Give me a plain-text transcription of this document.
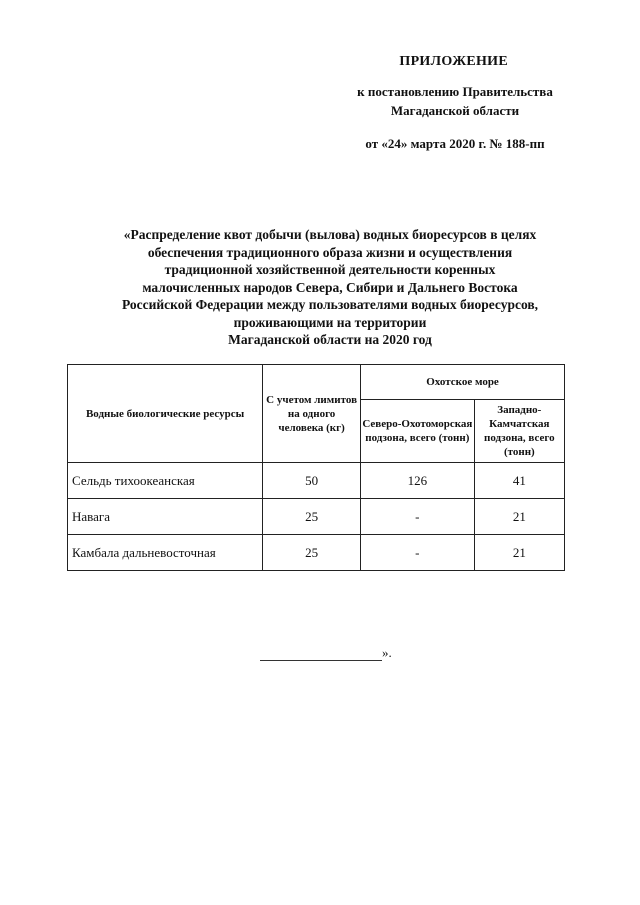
ПРИЛОЖЕНИЕ
к постановлению Правительства
Магаданской области
от «24» марта 2020 г. № 188-пп
«Распределение квот добычи (вылова) водных биоресурсов в целях
обеспечения традиционного образа жизни и осуществления
традиционной хозяйственной деятельности коренных
малочисленных народов Севера, Сибири и Дальнего Востока
Российской Федерации между пользователями водных биоресурсов,
проживающими на территории
Магаданской области на 2020 год
Водные биологические ресурсы	С учетом лимитов на одного человека (кг)	Охотское море	
		Северо-Охотоморская подзона, всего (тонн)	Западно-Камчатская подзона, всего (тонн)
Сельдь тихоокеанская	50	126	41
Навага	25	-	21
Камбала дальневосточная	25	-	21
».
